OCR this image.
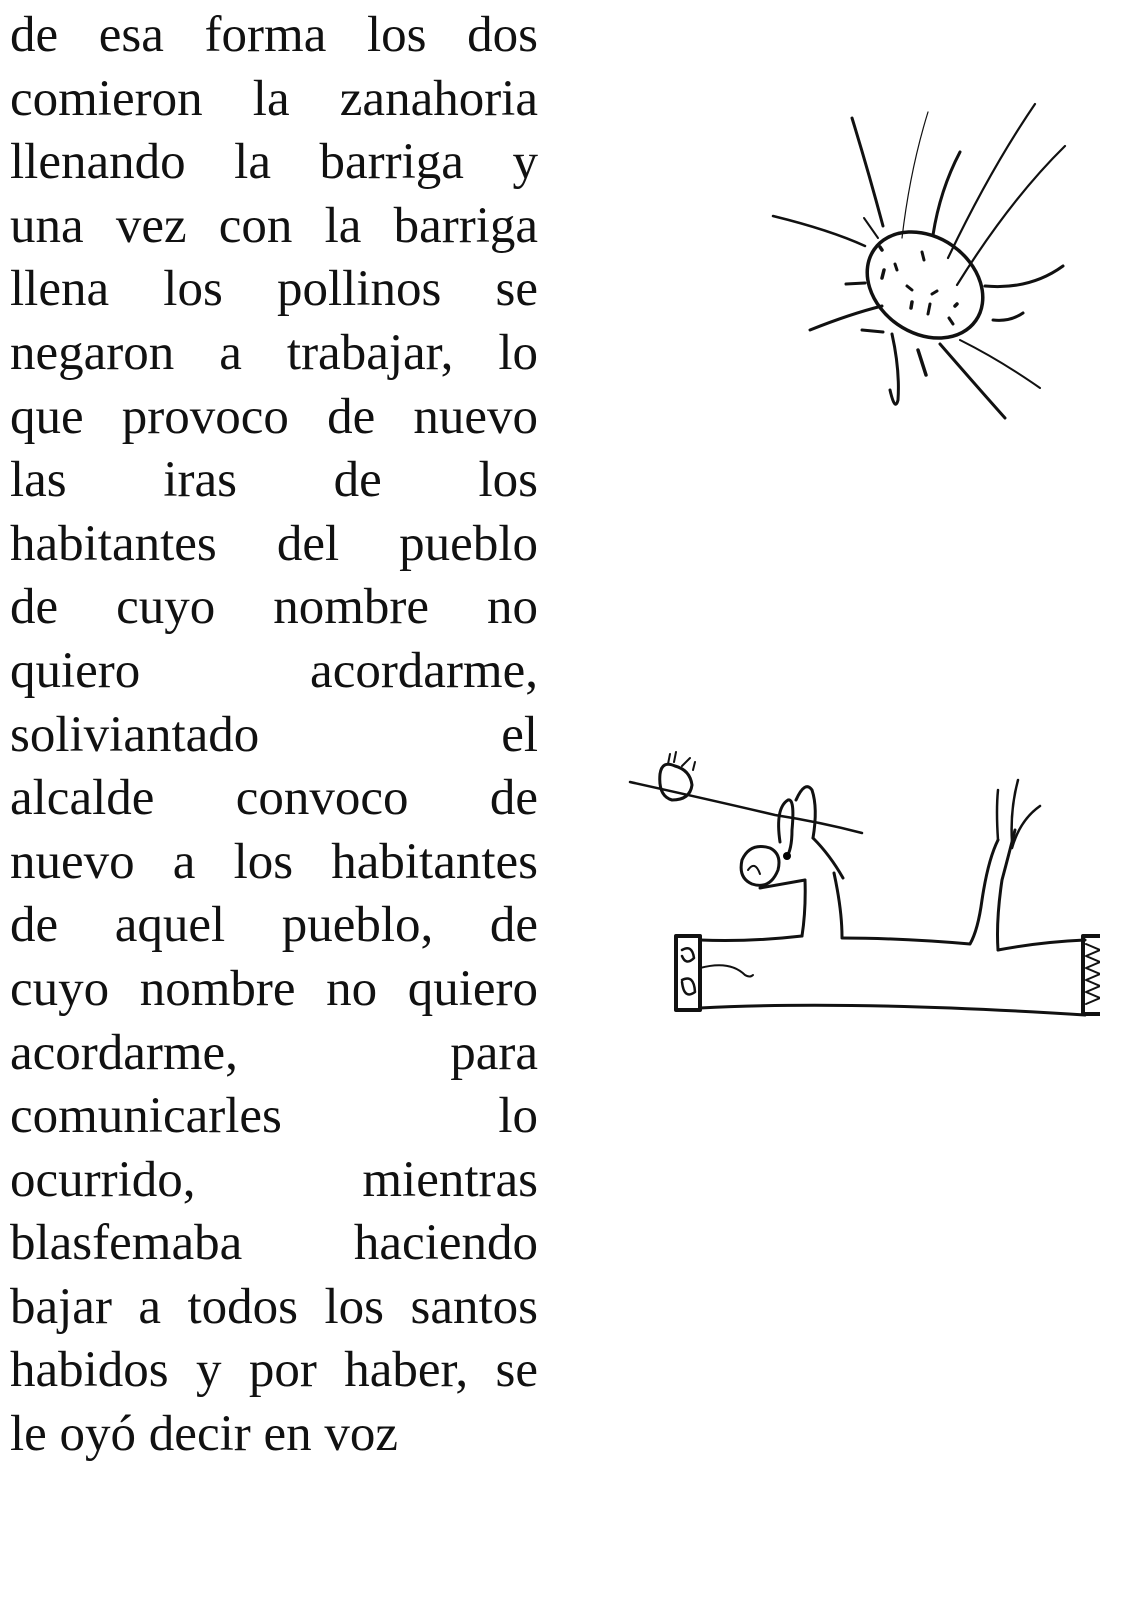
de esa forma los dos
comieron la zanahoria
llenando la barriga y
una vez con la barriga
llena los pollinos se
negaron a trabajar, lo
que provoco de nuevo
las iras de los
habitantes del pueblo
de cuyo nombre no
quiero acordarme,
soliviantado el
alcalde convoco de
nuevo a los habitantes
de aquel pueblo, de
cuyo nombre no quiero
acordarme, para
comunicarles lo
ocurrido, mientras
blasfemaba haciendo
bajar a todos los santos
habidos y por haber, se
le oyó decir en voz
